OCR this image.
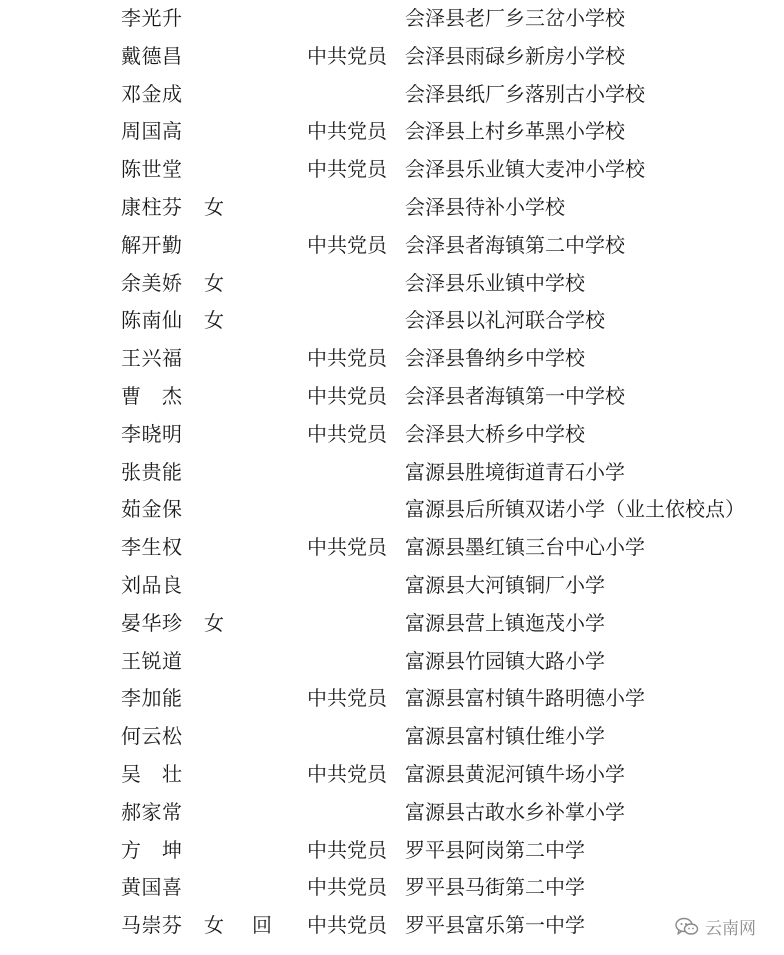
李光升	会泽县老厂乡三岔小学校
戴德昌	中共党员 会泽县雨碌乡新房小学校
邓金成	会泽县纸厂乡落别古小学校
周国高	中共党员 会泽县上村乡革黑小学校
陈世堂	中共党员 会泽县乐业镇大麦冲小学校
康柱芬 女	会泽县待补小学校
解开勤	中共党员 会泽县者海镇第二中学校
余美娇 女	会泽县乐业镇中学校
陈南仙 女	会泽县以礼河联合学校
王兴福	中共党员 会泽县鲁纳乡中学校
曹　杰	中共党员 会泽县者海镇第一中学校
李晓明	中共党员 会泽县大桥乡中学校
张贵能	富源县胜境街道青石小学
茹金保	富源县后所镇双诺小学（业土依校点）
李生权	中共党员 富源县墨红镇三台中心小学
刘品良	富源县大河镇铜厂小学
晏华珍 女	富源县营上镇迤茂小学
王锐道	富源县竹园镇大路小学
李加能	中共党员 富源县富村镇牛路明德小学
何云松	富源县富村镇仕维小学
吴　壮	中共党员 富源县黄泥河镇牛场小学
郝家常	富源县古敢水乡补掌小学
方　坤	中共党员 罗平县阿岗第二中学
黄国喜	中共党员 罗平县马街第二中学
马崇芬 女 回 中共党员 罗平县富乐第一中学	云南网
